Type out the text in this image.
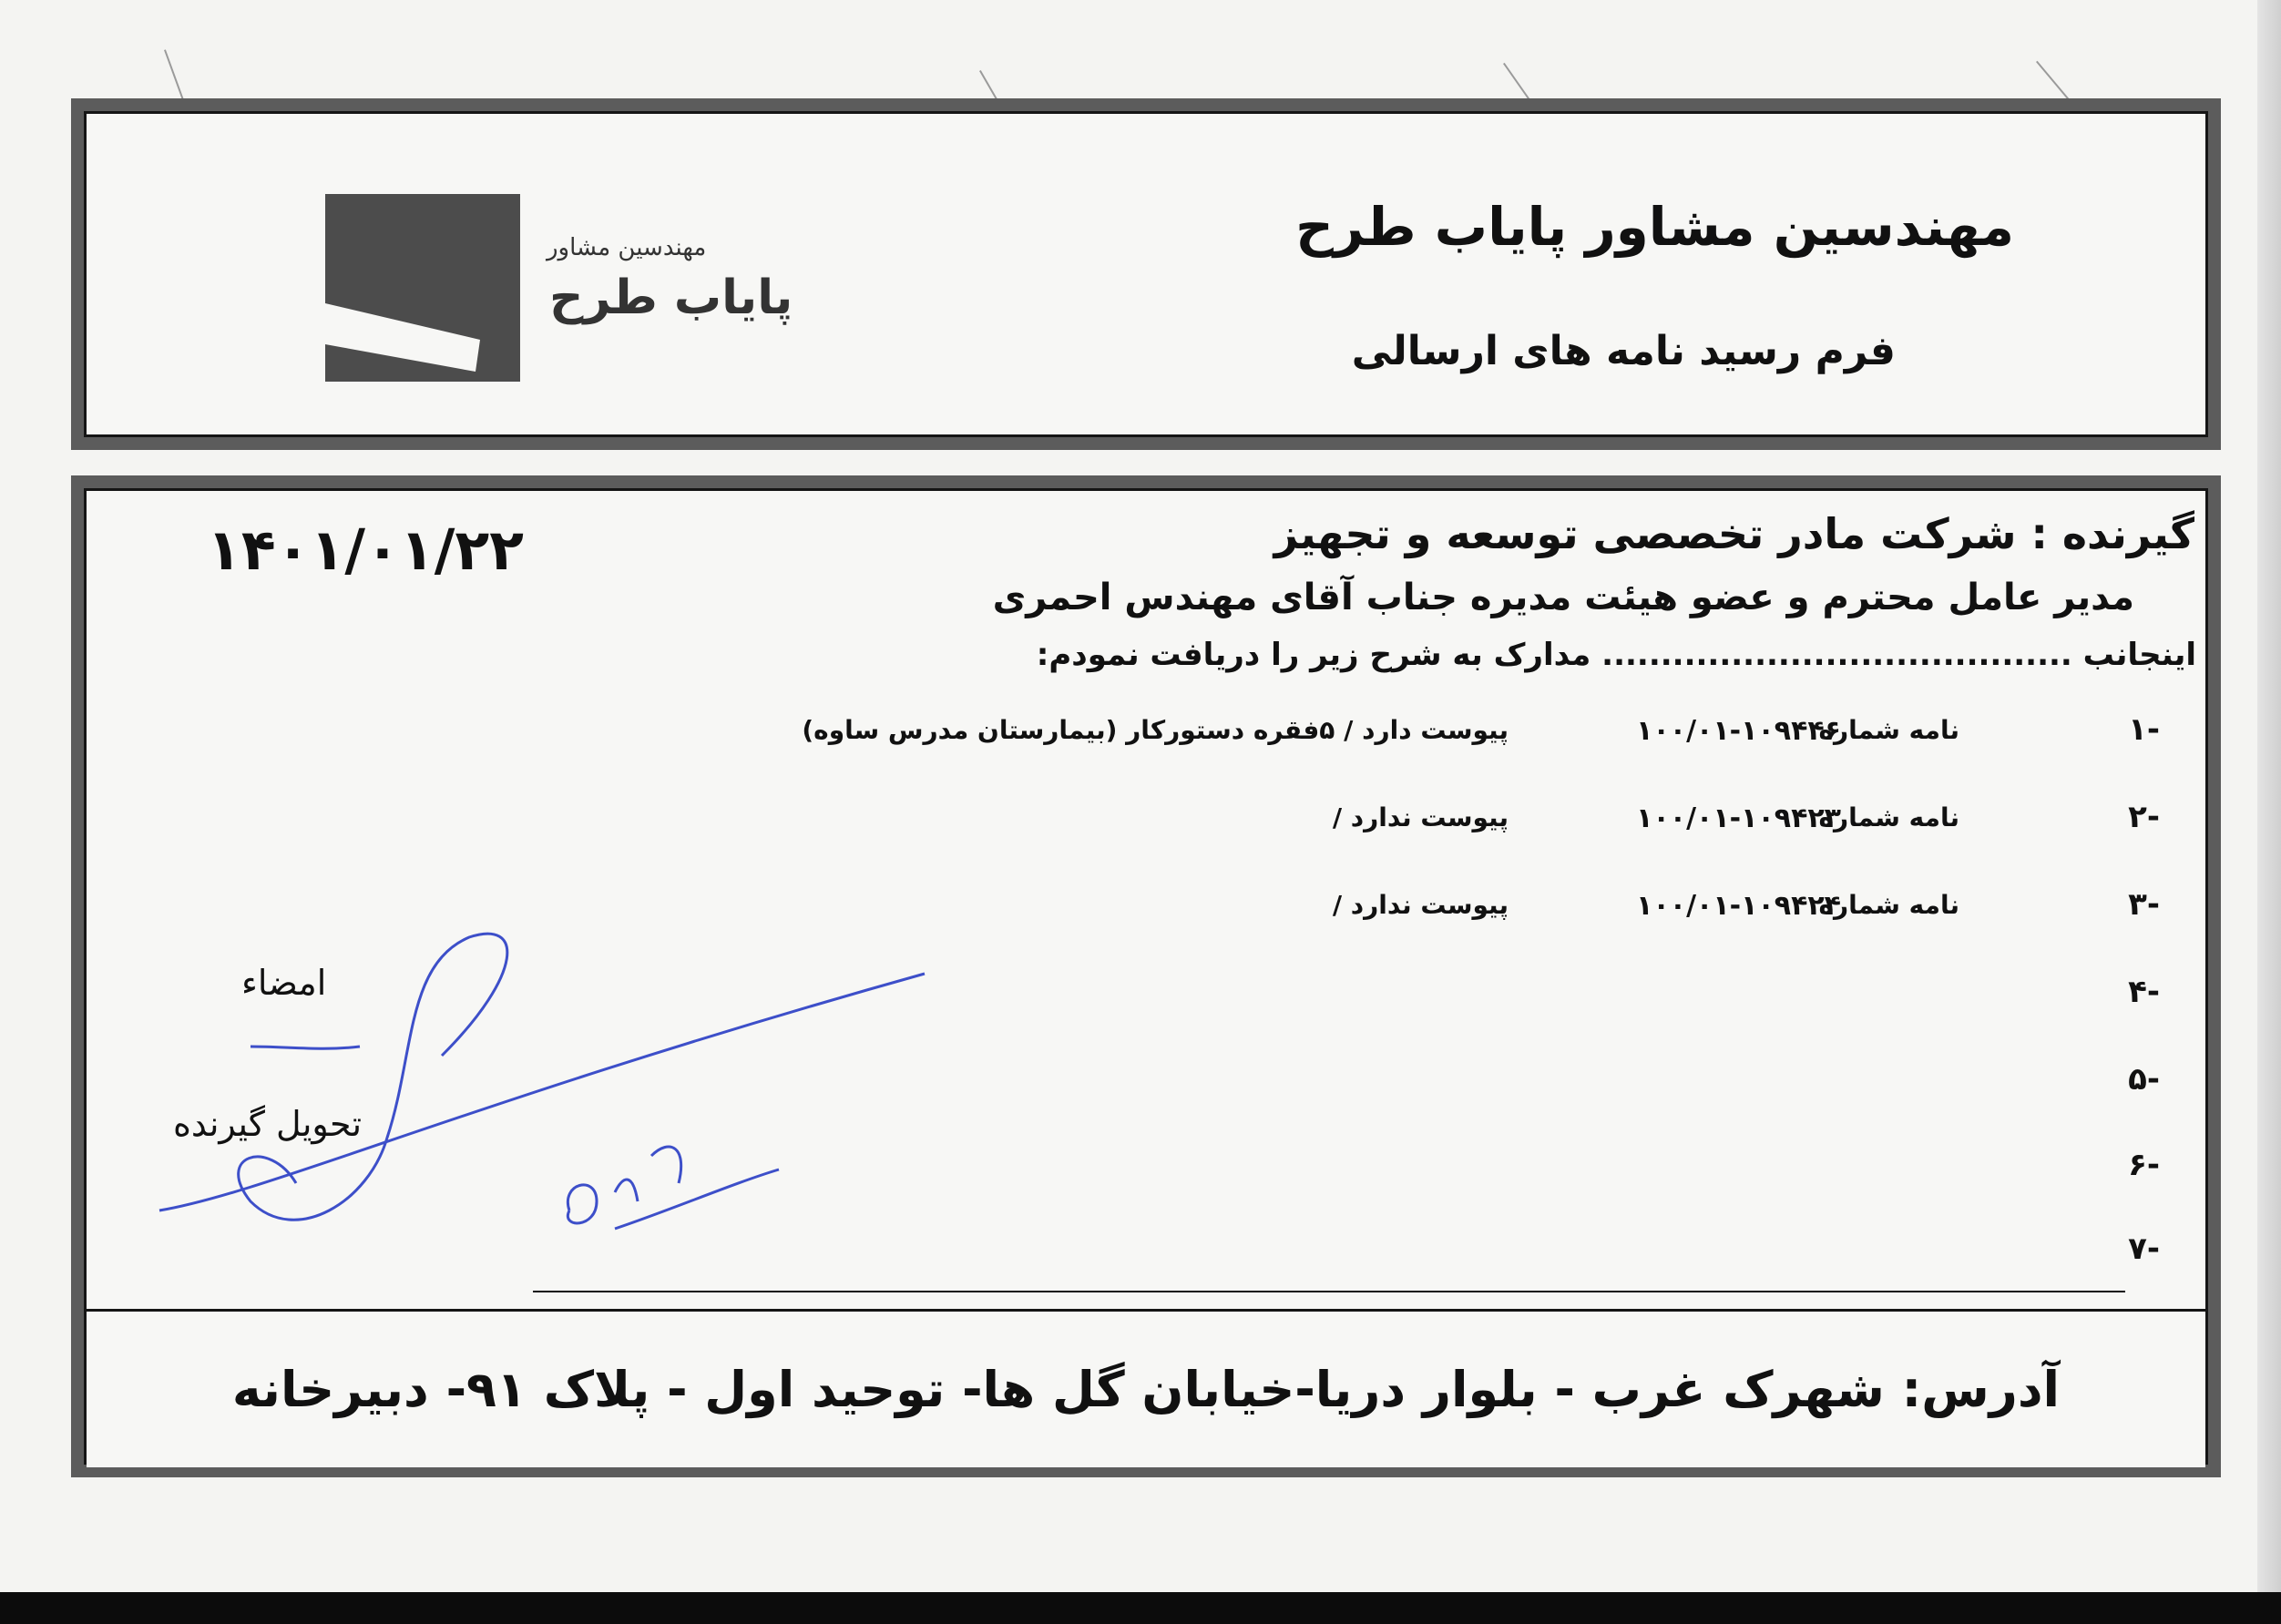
مهندسین مشاور پایاب طرح
فرم رسید نامه های ارسالی
مهندسین مشاور
پایاب طرح
۱۴۰۱/۰۱/۲۲	گیرنده : شرکت مادر تخصصی توسعه و تجهیز
مدیر عامل محترم و عضو هیئت مدیره جناب آقای مهندس احمری
اینجانب ........................................ مدارک به شرح زیر را دریافت نمودم:
-۱
نامه شماره
۱۰۰/۰۱-۱۰۹۴۴۶
پیوست دارد / ۵فقره دستورکار (بیمارستان مدرس ساوه)
-۲
نامه شماره
۱۰۰/۰۱-۱۰۹۴۲۳
پیوست ندارد /
-۳
نامه شماره
۱۰۰/۰۱-۱۰۹۴۲۴
پیوست ندارد /
-۴
-۵
-۶
-۷
امضاء
تحویل گیرنده
آدرس: شهرک غرب - بلوار دریا-خیابان گل ها- توحید اول - پلاک ۹۱- دبیرخانه
